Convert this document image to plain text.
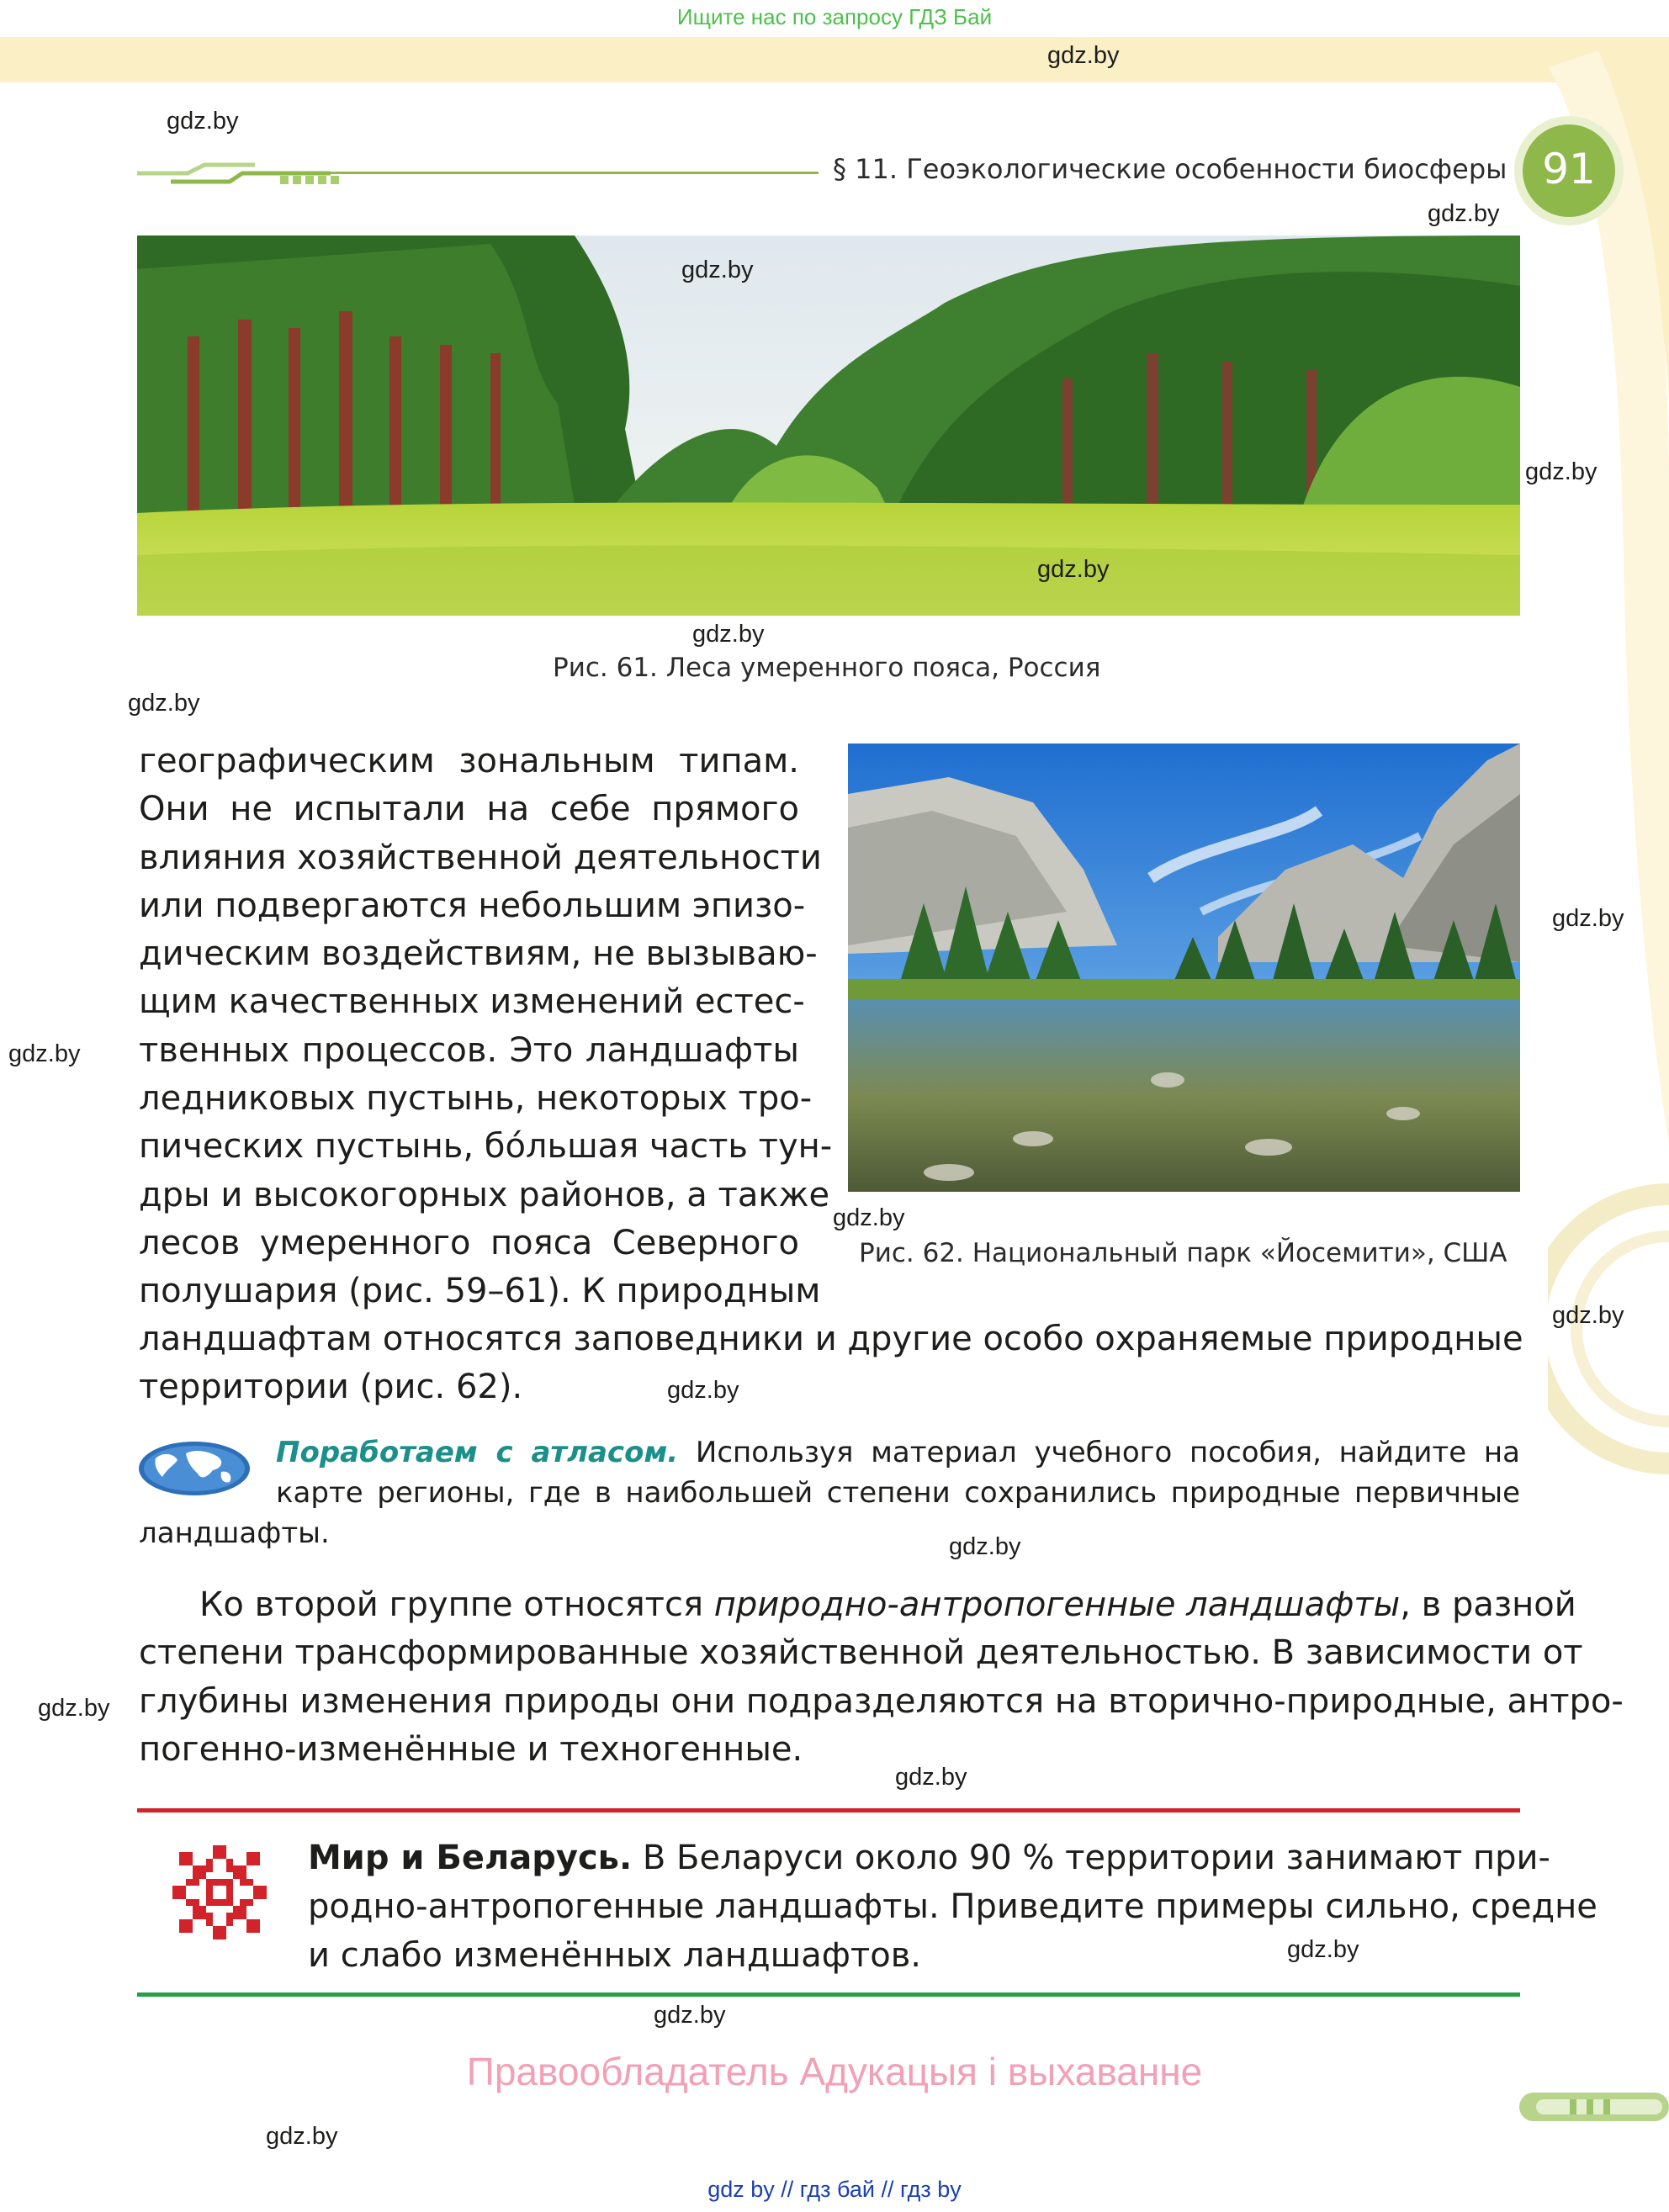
Ищите нас по запросу ГДЗ Бай
§ 11. Геоэкологические особенности биосферы 91
Рис. 61. Леса умеренного пояса, Россия
Рис. 62. Национальный парк «Йосемити», США
географическим зональным типам.
Они не испытали на себе прямого
влияния хозяйственной деятельности
или подвергаются небольшим эпизо-
дическим воздействиям, не вызываю-
щим качественных изменений естес-
твенных процессов. Это ландшафты
ледниковых пустынь, некоторых тро-
пических пустынь, бóльшая часть тун-
дры и высокогорных районов, а также
лесов умеренного пояса Северного
полушария (рис. 59–61). К природным
ландшафтам относятся заповедники и другие особо охраняемые природные
территории (рис. 62).
Поработаем с атласом. Используя материал учебного пособия, найдите на
карте регионы, где в наибольшей степени сохранились природные первичные
ландшафты.
Ко второй группе относятся природно-антропогенные ландшафты, в разной
степени трансформированные хозяйственной деятельностью. В зависимости от
глубины изменения природы они подразделяются на вторично-природные, антро-
погенно-изменённые и техногенные.
Мир и Беларусь. В Беларуси около 90 % территории занимают при-
родно-антропогенные ландшафты. Приведите примеры сильно, средне
и слабо изменённых ландшафтов.
Правообладатель Адукацыя і выхаванне
gdz by // гдз бай // гдз by
gdz.by
gdz.by
gdz.by
gdz.by
gdz.by
gdz.by
gdz.by
gdz.by
gdz.by
gdz.by
gdz.by
gdz.by
gdz.by
gdz.by
gdz.by
gdz.by
gdz.by
gdz.by
gdz.by
